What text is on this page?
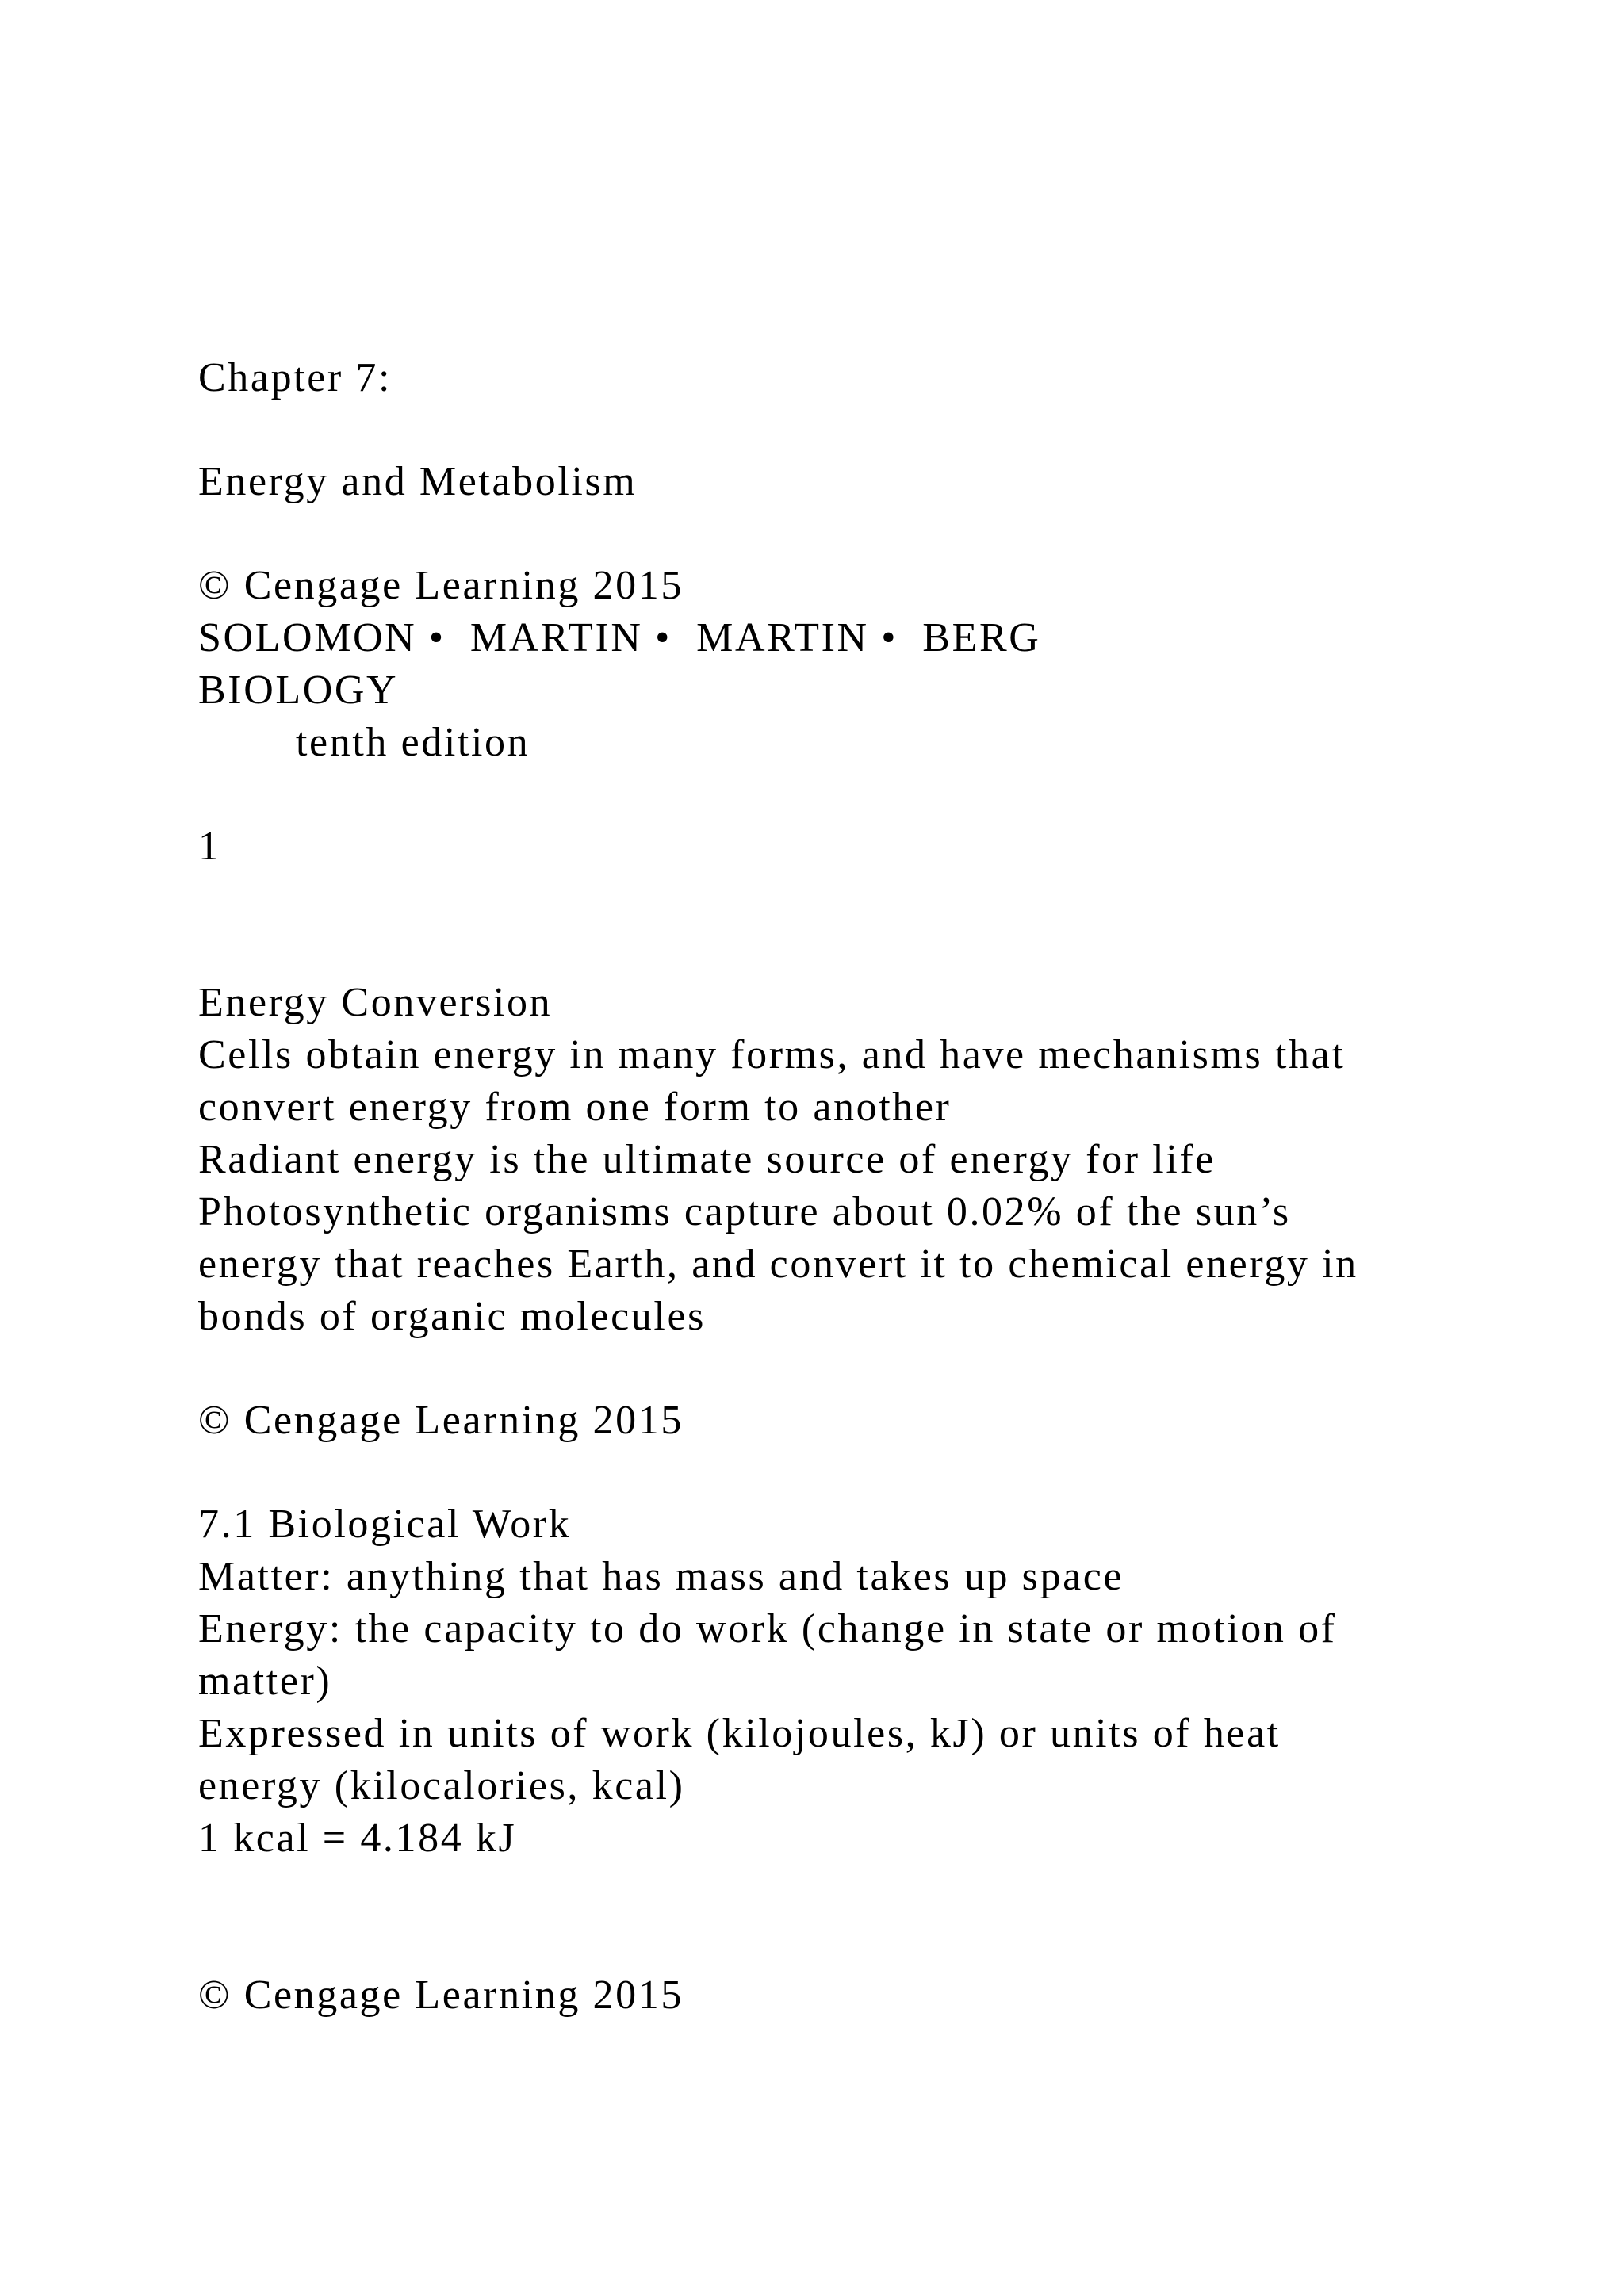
Chapter 7:
Energy and Metabolism
© Cengage Learning 2015
SOLOMON •  MARTIN •  MARTIN •  BERG
BIOLOGY
tenth edition
1
Energy Conversion
Cells obtain energy in many forms, and have mechanisms that
convert energy from one form to another
Radiant energy is the ultimate source of energy for life
Photosynthetic organisms capture about 0.02% of the sun’s
energy that reaches Earth, and convert it to chemical energy in
bonds of organic molecules
© Cengage Learning 2015
7.1 Biological Work
Matter: anything that has mass and takes up space
Energy: the capacity to do work (change in state or motion of
matter)
Expressed in units of work (kilojoules, kJ) or units of heat
energy (kilocalories, kcal)
1 kcal = 4.184 kJ
© Cengage Learning 2015
